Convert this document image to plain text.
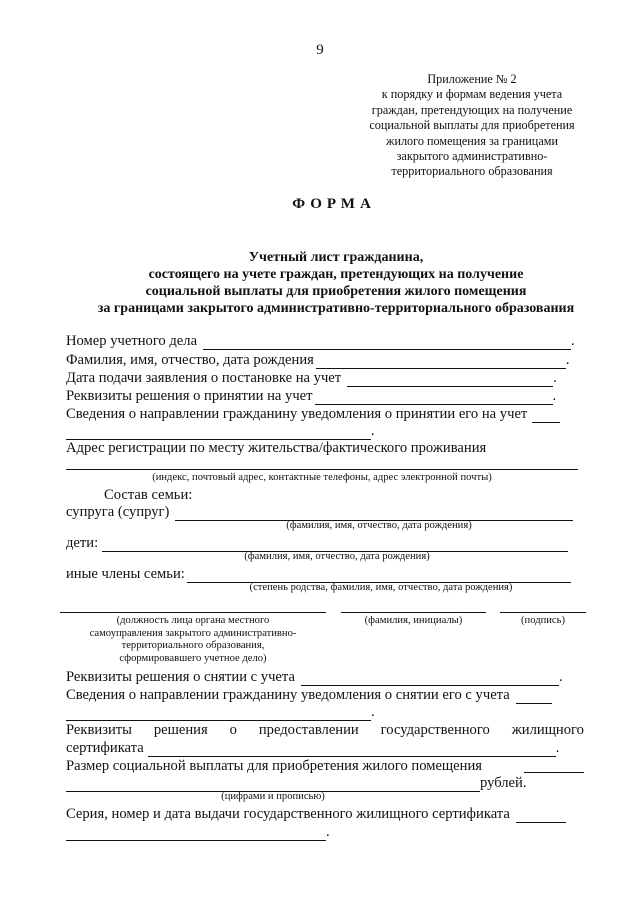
9
Приложение № 2
к порядку и формам ведения учета
граждан, претендующих на получение
социальной выплаты для приобретения
жилого помещения за границами
закрытого административно-
территориального образования
ФОРМА
Учетный лист гражданина,
состоящего на учете граждан, претендующих на получение
социальной выплаты для приобретения жилого помещения
за границами закрытого административно-территориального образования
Номер учетного дела	.
Фамилия, имя, отчество, дата рождения	.
Дата подачи заявления о постановке на учет	.
Реквизиты решения о принятии на учет	.
Сведения о направлении гражданину уведомления о принятии его на учет
.
Адрес регистрации по месту жительства/фактического проживания
(индекс, почтовый адрес, контактные телефоны, адрес электронной почты)
Состав семьи:
супруга (супруг)
(фамилия, имя, отчество, дата рождения)
дети:
(фамилия, имя, отчество, дата рождения)
иные члены семьи:
(степень родства, фамилия, имя, отчество, дата рождения)
(должность лица органа местного
самоуправления закрытого административно-
территориального образования,
сформировавшего учетное дело)
(фамилия, инициалы)	(подпись)
Реквизиты решения о снятии с учета	.
Сведения о направлении гражданину уведомления о снятии его с учета
.
Реквизиты решения о предоставлении государственного жилищного
сертификата	.
Размер социальной выплаты для приобретения жилого помещения
рублей.
(цифрами и прописью)
Серия, номер и дата выдачи государственного жилищного сертификата
.
